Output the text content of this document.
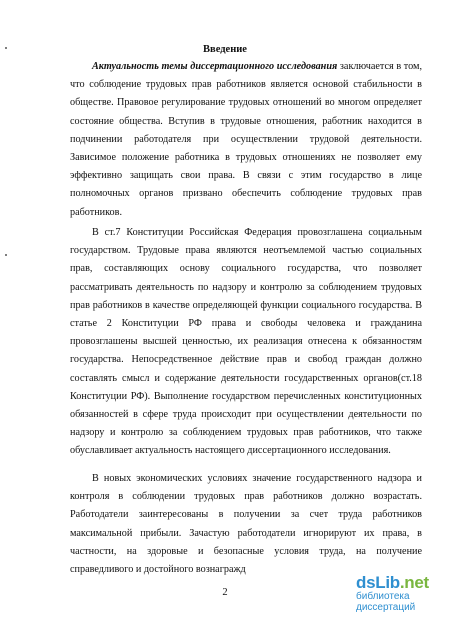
Введение
Актуальность темы диссертационного исследования заключается в том, что соблюдение трудовых прав работников является основой стабильности в обществе. Правовое регулирование трудовых отношений во многом определяет состояние общества. Вступив в трудовые отношения, работник находится в подчинении работодателя при осуществлении трудовой деятельности. Зависимое положение работника в трудовых отношениях не позволяет ему эффективно защищать свои права. В связи с этим государство в лице полномочных органов призвано обеспечить соблюдение трудовых прав работников.
В ст.7 Конституции Российская Федерация провозглашена социальным государством. Трудовые права являются неотъемлемой частью социальных прав, составляющих основу социального государства, что позволяет рассматривать деятельность по надзору и контролю за соблюдением трудовых прав работников в качестве определяющей функции социального государства. В статье 2 Конституции РФ права и свободы человека и гражданина провозглашены высшей ценностью, их реализация отнесена к обязанностям государства. Непосредственное действие прав и свобод граждан должно составлять смысл и содержание деятельности государственных органов(ст.18 Конституции РФ). Выполнение государством перечисленных конституционных обязанностей в сфере труда происходит при осуществлении деятельности по надзору и контролю за соблюдением трудовых прав работников, что также обуславливает актуальность настоящего диссертационного исследования.
В новых экономических условиях значение государственного надзора и контроля в соблюдении трудовых прав работников должно возрастать. Работодатели заинтересованы в получении за счет труда работников максимальной прибыли. Зачастую работодатели игнорируют их права, в частности, на здоровые и безопасные условия труда, на получение справедливого и достойного вознагражд
2
dsLib.net
библиотека диссертаций
